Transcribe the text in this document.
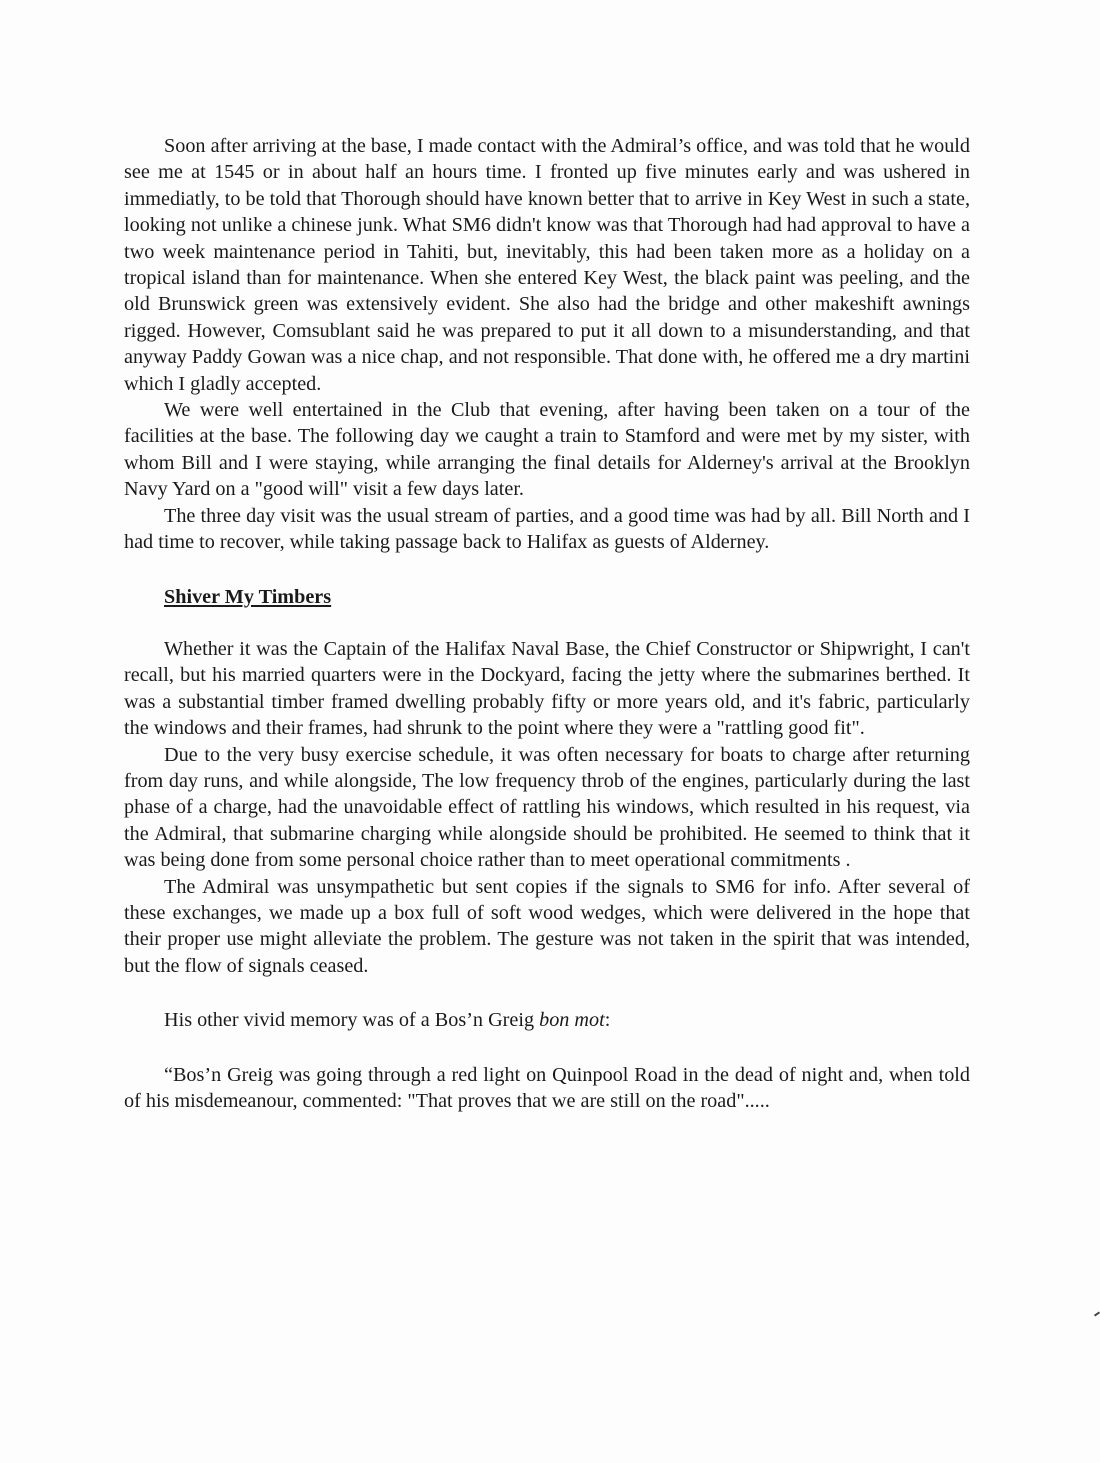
Soon after arriving at the base, I made contact with the Admiral’s office, and was told that he would see me at 1545 or in about half an hours time. I fronted up five minutes early and was ushered in immediatly, to be told that Thorough should have known better that to arrive in Key West in such a state, looking not unlike a chinese junk. What SM6 didn't know was that Thorough had had approval to have a two week maintenance period in Tahiti, but, inevitably, this had been taken more as a holiday on a tropical island than for maintenance. When she entered Key West, the black paint was peeling, and the old Brunswick green was extensively evident. She also had the bridge and other makeshift awnings rigged. However, Comsublant said he was prepared to put it all down to a misunderstanding, and that anyway Paddy Gowan was a nice chap, and not responsible. That done with, he offered me a dry martini which I gladly accepted.

We were well entertained in the Club that evening, after having been taken on a tour of the facilities at the base. The following day we caught a train to Stamford and were met by my sister, with whom Bill and I were staying, while arranging the final details for Alderney's arrival at the Brooklyn Navy Yard on a "good will" visit a few days later.

The three day visit was the usual stream of parties, and a good time was had by all. Bill North and I had time to recover, while taking passage back to Halifax as guests of Alderney.

Shiver My Timbers

Whether it was the Captain of the Halifax Naval Base, the Chief Constructor or Shipwright, I can't recall, but his married quarters were in the Dockyard, facing the jetty where the submarines berthed. It was a substantial timber framed dwelling probably fifty or more years old, and it's fabric, particularly the windows and their frames, had shrunk to the point where they were a "rattling good fit".

Due to the very busy exercise schedule, it was often necessary for boats to charge after returning from day runs, and while alongside, The low frequency throb of the engines, particularly during the last phase of a charge, had the unavoidable effect of rattling his windows, which resulted in his request, via the Admiral, that submarine charging while alongside should be prohibited. He seemed to think that it was being done from some personal choice rather than to meet operational commitments .

The Admiral was unsympathetic but sent copies if the signals to SM6 for info. After several of these exchanges, we made up a box full of soft wood wedges, which were delivered in the hope that their proper use might alleviate the problem. The gesture was not taken in the spirit that was intended, but the flow of signals ceased.

His other vivid memory was of a Bos’n Greig bon mot:

“Bos’n Greig was going through a red light on Quinpool Road in the dead of night and, when told of his misdemeanour, commented: "That proves that we are still on the road".....
